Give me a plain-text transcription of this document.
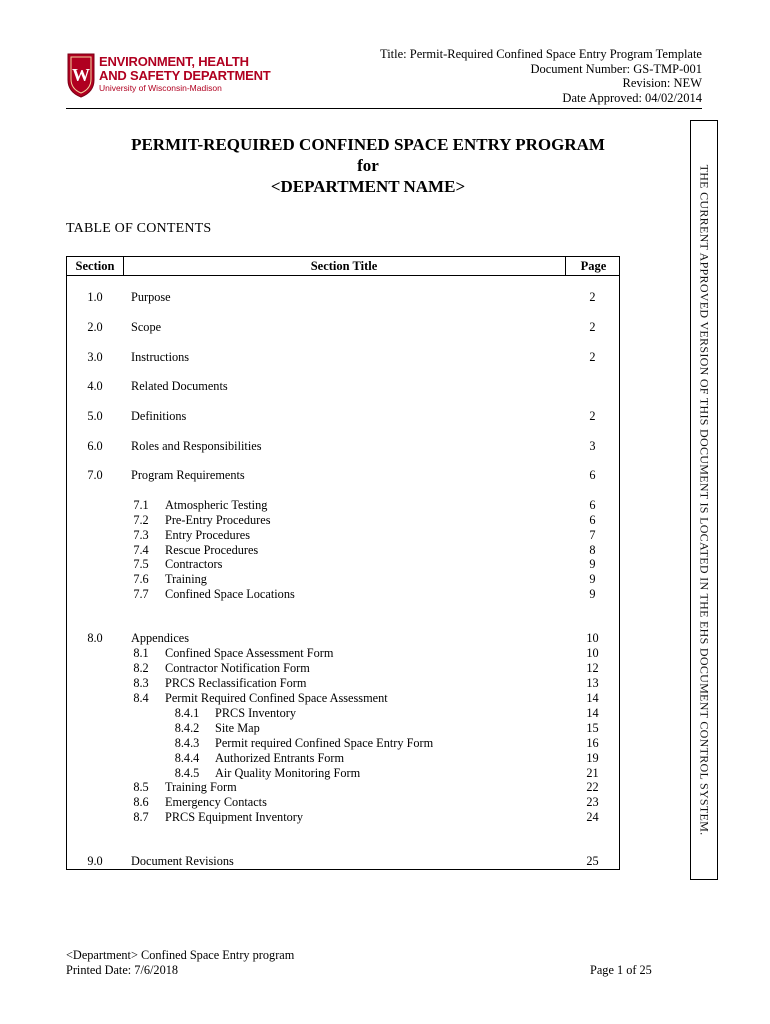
W
ENVIRONMENT, HEALTH
AND SAFETY DEPARTMENT
University of Wisconsin-Madison
Title: Permit-Required Confined Space Entry Program Template
Document Number: GS-TMP-001
Revision: NEW
Date Approved: 04/02/2014
THE CURRENT APPROVED VERSION OF THIS DOCUMENT IS LOCATED IN THE EHS DOCUMENT CONTROL SYSTEM.
PERMIT-REQUIRED CONFINED SPACE ENTRY PROGRAM
for
<DEPARTMENT NAME>
TABLE OF CONTENTS
Section	Section Title	Page
1.0	Purpose	2
2.0	Scope	2
3.0	Instructions	2
4.0	Related Documents
5.0	Definitions	2
6.0	Roles and Responsibilities	3
7.0	Program Requirements	6
7.1	Atmospheric Testing	6
7.2	Pre-Entry Procedures	6
7.3	Entry Procedures	7
7.4	Rescue Procedures	8
7.5	Contractors	9
7.6	Training	9
7.7	Confined Space Locations	9
8.0	Appendices	10
8.1	Confined Space Assessment Form	10
8.2	Contractor Notification Form	12
8.3	PRCS Reclassification Form	13
8.4	Permit Required Confined Space Assessment	14
8.4.1	PRCS Inventory	14
8.4.2	Site Map	15
8.4.3	Permit required Confined Space Entry Form	16
8.4.4	Authorized Entrants Form	19
8.4.5	Air Quality Monitoring Form	21
8.5	Training Form	22
8.6	Emergency Contacts	23
8.7	PRCS Equipment Inventory	24
9.0	Document Revisions	25
<Department> Confined Space Entry program
Printed Date: 7/6/2018	Page 1 of 25
